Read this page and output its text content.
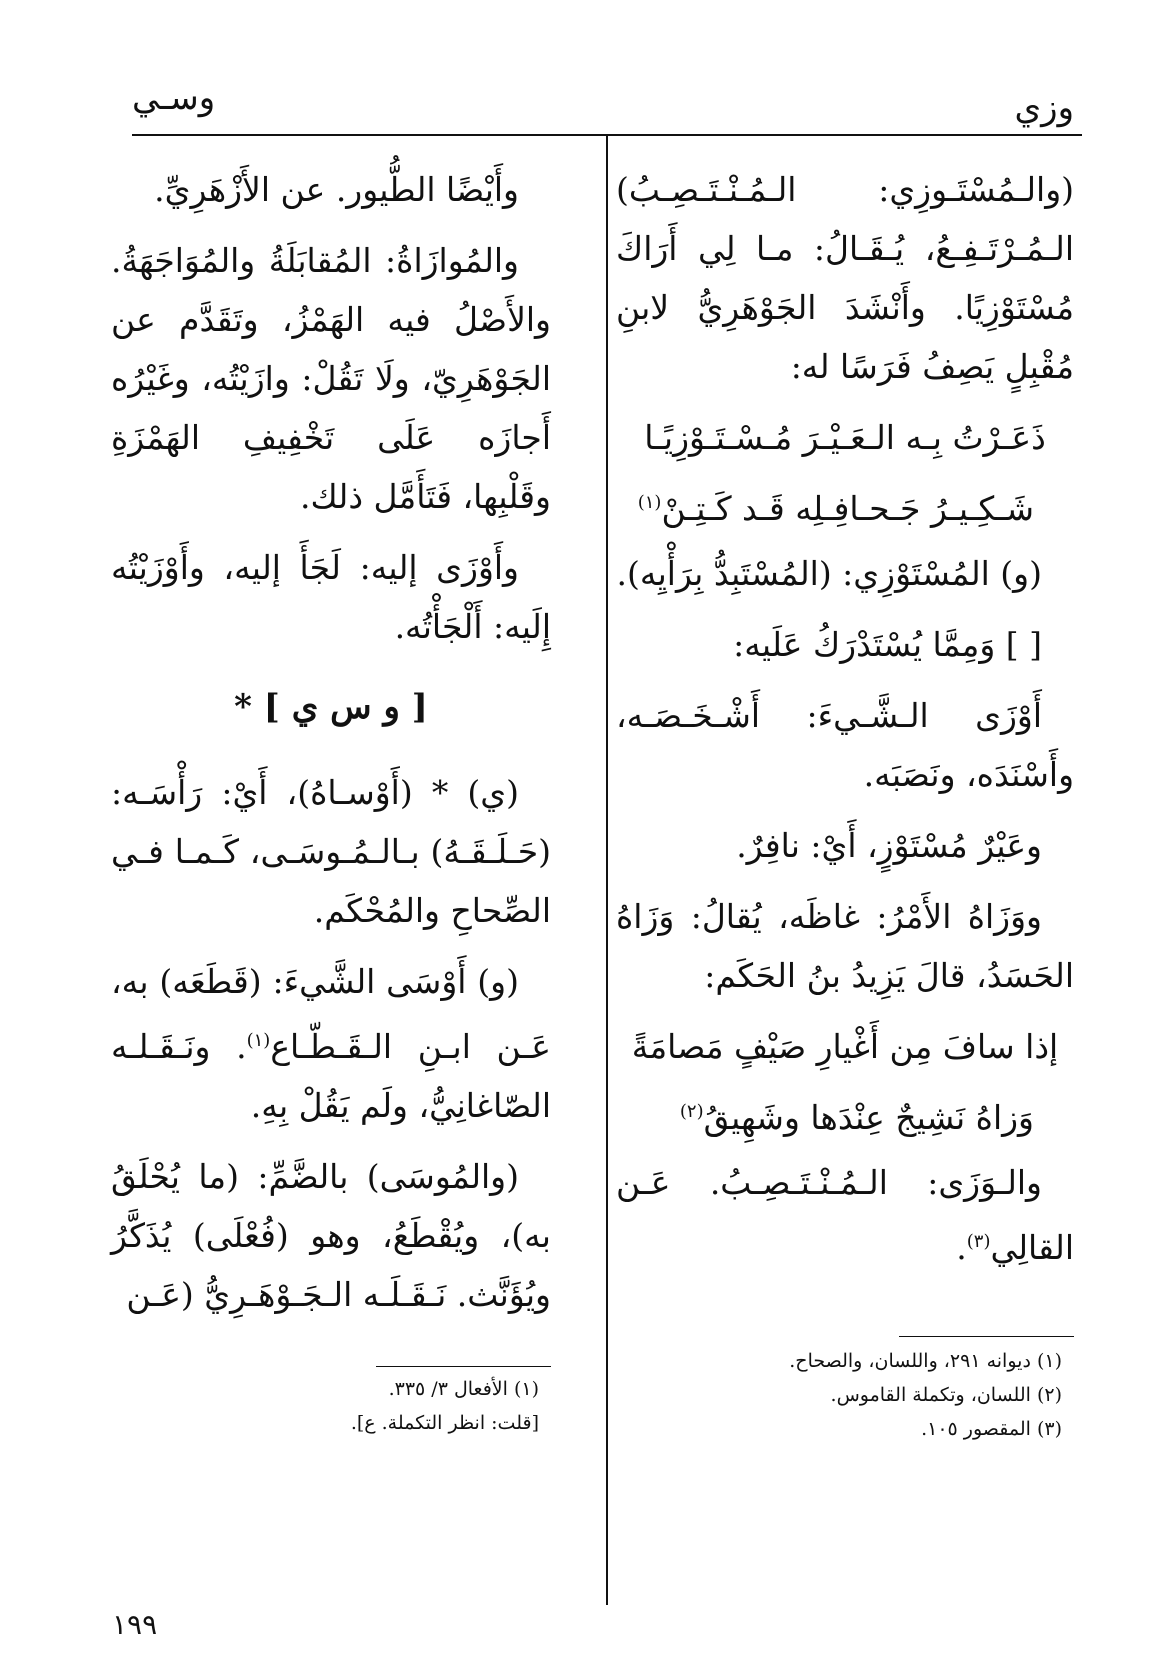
وزي
وسـي

(والـمُسْتَـوزِي: الـمُـنْـتَـصِـبُ) الـمُـرْتَـفِـعُ، يُـقَـالُ: مـا لِي أَرَاكَ مُسْتَوْزِيًا. وأَنْشَدَ الجَوْهَرِيُّ لابنِ مُقْبِلٍ يَصِفُ فَرَسًا له:

ذَعَـرْتُ بِـه الـعَـيْـرَ مُـسْـتَـوْزِيًـا

شَـكِـيـرُ جَـحـافِـلِه قَـد كَـتِـنْ$^{(١)}$

(و) المُسْتَوْزِي: (المُسْتَبِدُّ بِرَأْيِه).

[ ] وَمِمَّا يُسْتَدْرَكُ عَلَيه:

أَوْزَى الـشَّـيءَ: أَشْـخَـصَـه، وأَسْنَدَه، ونَصَبَه.

وعَيْرٌ مُسْتَوْزٍ، أَيْ: نافِرٌ.

ووَزَاهُ الأَمْرُ: غاظَه، يُقالُ: وَزَاهُ الحَسَدُ، قالَ يَزِيدُ بنُ الحَكَم:

إذا سافَ مِن أَغْيارِ صَيْفٍ مَصامَةً

وَزاهُ نَشِيجٌ عِنْدَها وشَهِيقُ$^{(٢)}$

والـوَزَى: الـمُـنْـتَـصِـبُ. عَـن القالِي$^{(٣)}$.

وأَيْضًا الطُّيور. عن الأَزْهَرِيِّ.

والمُوازَاةُ: المُقابَلَةُ والمُوَاجَهَةُ. والأَصْلُ فيه الهَمْزُ، وتَقَدَّم عن الجَوْهَرِيّ، ولَا تَقُلْ: وازَيْتُه، وغَيْرُه أَجازَه عَلَى تَخْفِيفِ الهَمْزَةِ وقَلْبِها، فَتَأَمَّل ذلك.

وأَوْزَى إليه: لَجَأَ إليه، وأَوْزَيْتُه إِلَيه: أَلْجَأْتُه.

[ و س ي ] *

(ي) * (أَوْسـاهُ)، أَيْ: رَأْسَـه: (حَـلَـقَـهُ) بـالـمُـوسَـى، كَـمـا فـي الصِّحاحِ والمُحْكَم.

(و) أَوْسَى الشَّيءَ: (قَطَعَه) به، عَـن ابـنِ الـقَـطّـاع$^{(١)}$. ونَـقَـلـه الصّاغانِيُّ، ولَم يَقُلْ بِهِ.

(والمُوسَى) بالضَّمِّ: (ما يُحْلَقُ به)، ويُقْطَعُ، وهو (فُعْلَى) يُذَكَّرُ ويُؤَنَّث. نَـقَـلَـه الـجَـوْهَـرِيُّ (عَـن

(١) ديوانه ٢٩١، واللسان، والصحاح.

(٢) اللسان، وتكملة القاموس.

(٣) المقصور ١٠٥.

(١) الأفعال ٣/ ٣٣٥.

[قلت: انظر التكملة. ع].

١٩٩
